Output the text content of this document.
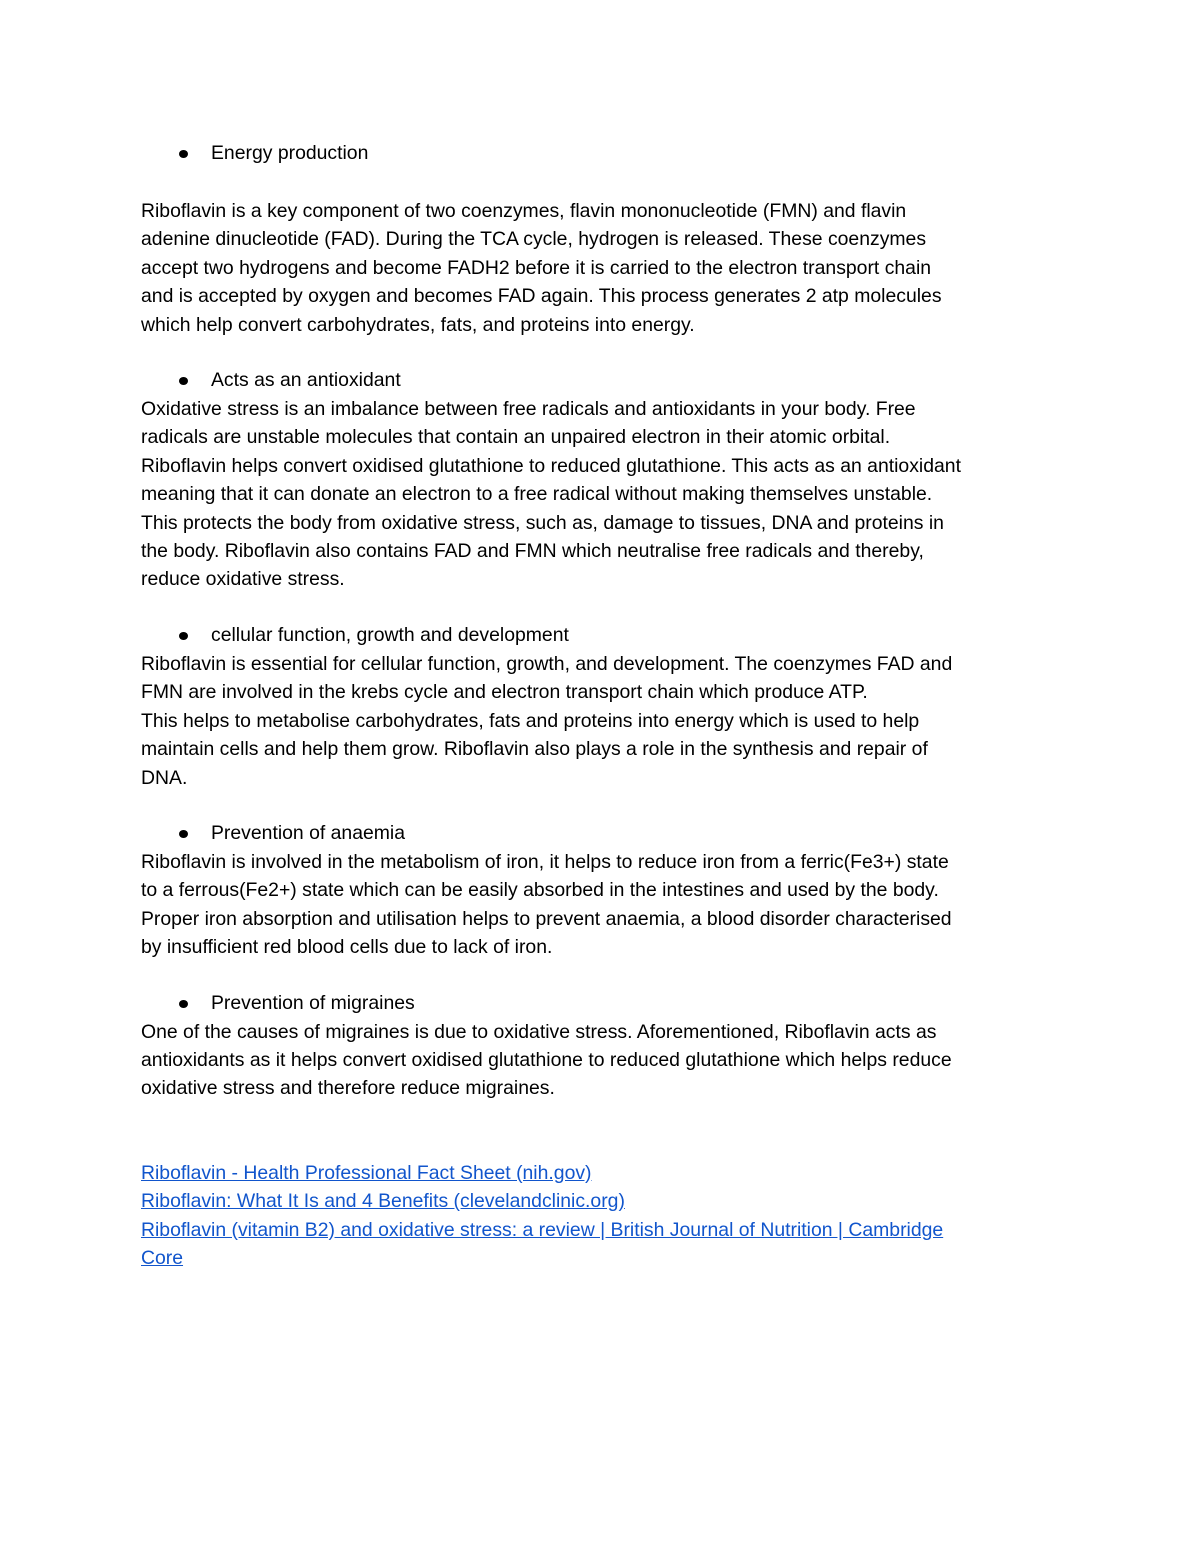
Energy production

Riboflavin is a key component of two coenzymes, flavin mononucleotide (FMN) and flavin
adenine dinucleotide (FAD). During the TCA cycle, hydrogen is released. These coenzymes
accept two hydrogens and become FADH2 before it is carried to the electron transport chain
and is accepted by oxygen and becomes FAD again. This process generates 2 atp molecules
which help convert carbohydrates, fats, and proteins into energy.

Acts as an antioxidant

Oxidative stress is an imbalance between free radicals and antioxidants in your body. Free
radicals are unstable molecules that contain an unpaired electron in their atomic orbital.
Riboflavin helps convert oxidised glutathione to reduced glutathione. This acts as an antioxidant
meaning that it can donate an electron to a free radical without making themselves unstable.
This protects the body from oxidative stress, such as, damage to tissues, DNA and proteins in
the body. Riboflavin also contains FAD and FMN which neutralise free radicals and thereby,
reduce oxidative stress.

cellular function, growth and development

Riboflavin is essential for cellular function, growth, and development. The coenzymes FAD and
FMN are involved in the krebs cycle and electron transport chain which produce ATP.
This helps to metabolise carbohydrates, fats and proteins into energy which is used to help
maintain cells and help them grow. Riboflavin also plays a role in the synthesis and repair of
DNA.

Prevention of anaemia

Riboflavin is involved in the metabolism of iron, it helps to reduce iron from a ferric(Fe3+) state
to a ferrous(Fe2+) state which can be easily absorbed in the intestines and used by the body.
Proper iron absorption and utilisation helps to prevent anaemia, a blood disorder characterised
by insufficient red blood cells due to lack of iron.

Prevention of migraines

One of the causes of migraines is due to oxidative stress. Aforementioned, Riboflavin acts as
antioxidants as it helps convert oxidised glutathione to reduced glutathione which helps reduce
oxidative stress and therefore reduce migraines.

Riboflavin - Health Professional Fact Sheet (nih.gov)
Riboflavin: What It Is and 4 Benefits (clevelandclinic.org)
Riboflavin (vitamin B2) and oxidative stress: a review | British Journal of Nutrition | Cambridge
Core
